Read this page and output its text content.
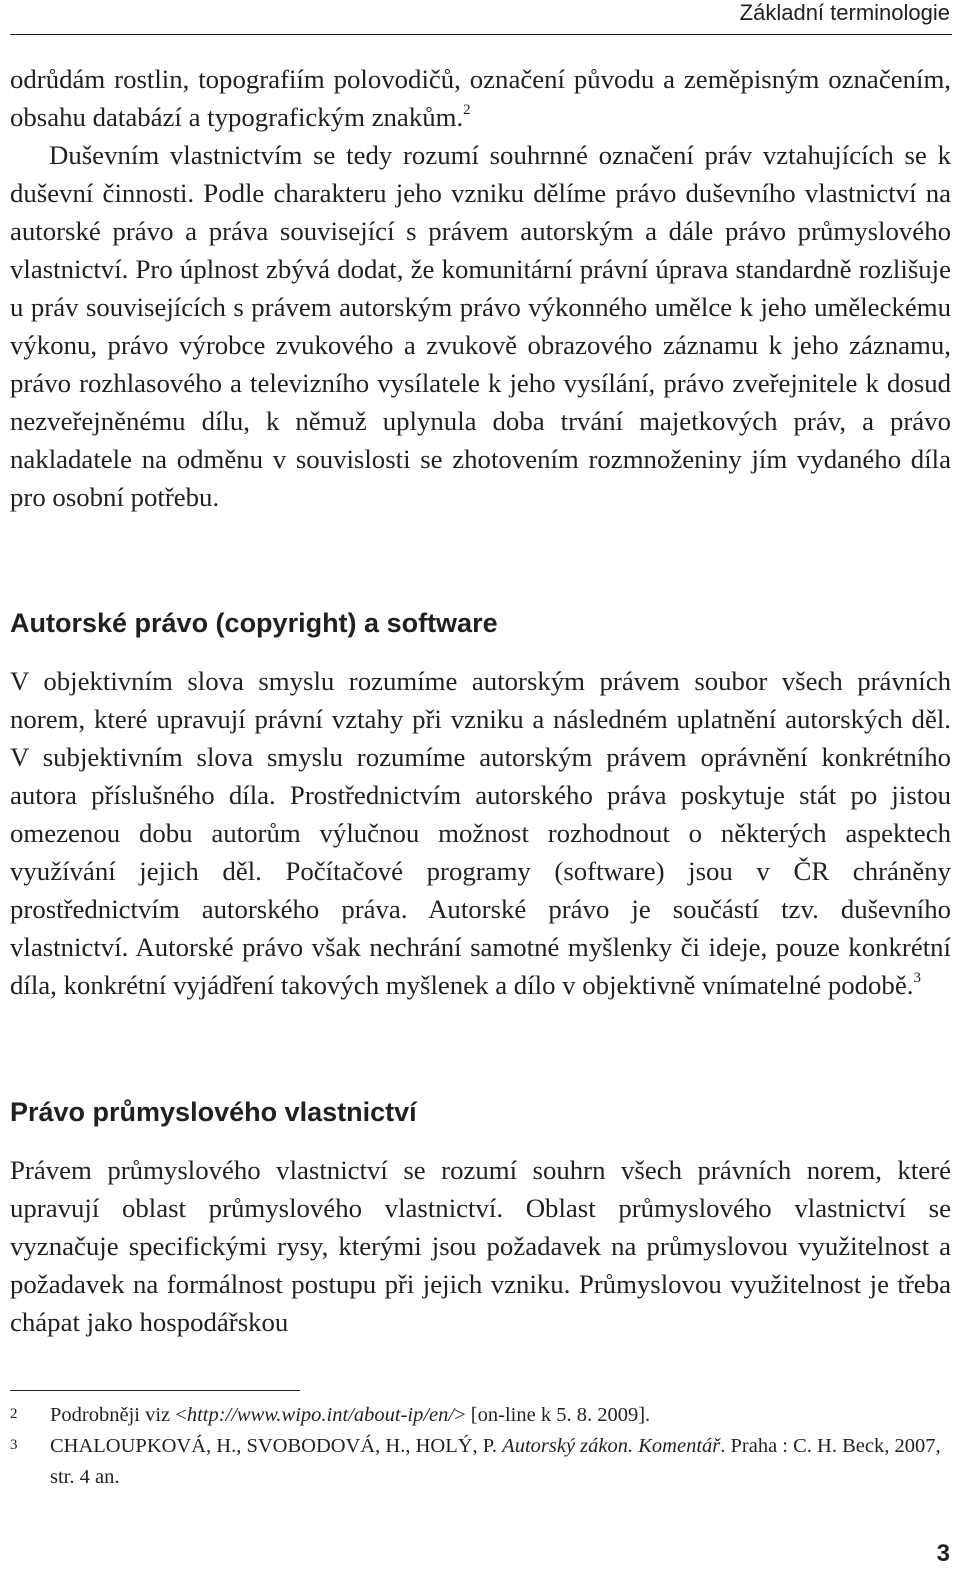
Základní terminologie

odrůdám rostlin, topografiím polovodičů, označení původu a zeměpisným označením, obsahu databází a typografickým znakům.$^2$

Duševním vlastnictvím se tedy rozumí souhrnné označení práv vztahujících se k duševní činnosti. Podle charakteru jeho vzniku dělíme právo duševního vlastnictví na autorské právo a práva související s právem autorským a dále právo průmyslového vlastnictví. Pro úplnost zbývá dodat, že komunitární právní úprava standardně rozlišuje u práv souvisejících s právem autorským právo výkonného umělce k jeho uměleckému výkonu, právo výrobce zvukového a zvukově obrazového záznamu k jeho záznamu, právo rozhlasového a televizního vysílatele k jeho vysílání, právo zveřejnitele k dosud nezveřejněnému dílu, k němuž uplynula doba trvání majetkových práv, a právo nakladatele na odměnu v souvislosti se zhotovením rozmnoženiny jím vydaného díla pro osobní potřebu.

Autorské právo (copyright) a software

V objektivním slova smyslu rozumíme autorským právem soubor všech právních norem, které upravují právní vztahy při vzniku a následném uplatnění autorských děl. V subjektivním slova smyslu rozumíme autorským právem oprávnění konkrétního autora příslušného díla. Prostřednictvím autorského práva poskytuje stát po jistou omezenou dobu autorům výlučnou možnost rozhodnout o některých aspektech využívání jejich děl. Počítačové programy (software) jsou v ČR chráněny prostřednictvím autorského práva. Autorské právo je součástí tzv. duševního vlastnictví. Autorské právo však nechrání samotné myšlenky či ideje, pouze konkrétní díla, konkrétní vyjádření takových myšlenek a dílo v objektivně vnímatelné podobě.$^3$

Právo průmyslového vlastnictví

Právem průmyslového vlastnictví se rozumí souhrn všech právních norem, které upravují oblast průmyslového vlastnictví. Oblast průmyslového vlastnictví se vyznačuje specifickými rysy, kterými jsou požadavek na průmyslovou využitelnost a požadavek na formálnost postupu při jejich vzniku. Průmyslovou využitelnost je třeba chápat jako hospodářskou

2	Podrobněji viz <http://www.wipo.int/about-ip/en/> [on-line k 5. 8. 2009].
3	CHALOUPKOVÁ, H., SVOBODOVÁ, H., HOLÝ, P. Autorský zákon. Komentář. Praha : C. H. Beck, 2007, str. 4 an.
3
